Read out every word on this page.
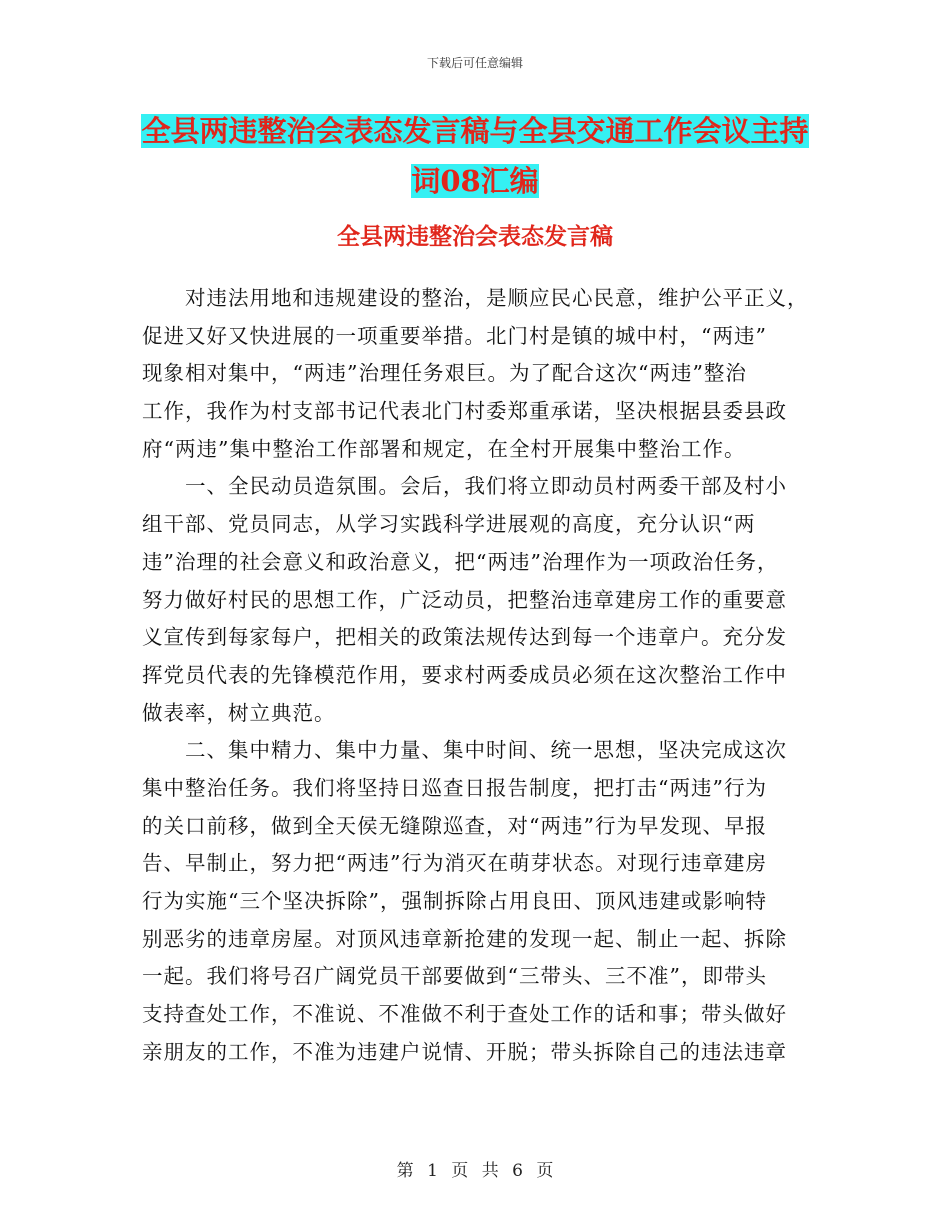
下载后可任意编辑
全县两违整治会表态发言稿与全县交通工作会议主持
词08汇编
全县两违整治会表态发言稿
　　对违法用地和违规建设的整治，是顺应民心民意，维护公平正义，
促进又好又快进展的一项重要举措。北门村是镇的城中村，“两违”
现象相对集中，“两违”治理任务艰巨。为了配合这次“两违”整治
工作，我作为村支部书记代表北门村委郑重承诺，坚决根据县委县政
府“两违”集中整治工作部署和规定，在全村开展集中整治工作。
　　一、全民动员造氛围。会后，我们将立即动员村两委干部及村小
组干部、党员同志，从学习实践科学进展观的高度，充分认识“两
违”治理的社会意义和政治意义，把“两违”治理作为一项政治任务，
努力做好村民的思想工作，广泛动员，把整治违章建房工作的重要意
义宣传到每家每户，把相关的政策法规传达到每一个违章户。充分发
挥党员代表的先锋模范作用，要求村两委成员必须在这次整治工作中
做表率，树立典范。
　　二、集中精力、集中力量、集中时间、统一思想，坚决完成这次
集中整治任务。我们将坚持日巡查日报告制度，把打击“两违”行为
的关口前移，做到全天侯无缝隙巡查，对“两违”行为早发现、早报
告、早制止，努力把“两违”行为消灭在萌芽状态。对现行违章建房
行为实施“三个坚决拆除”，强制拆除占用良田、顶风违建或影响特
别恶劣的违章房屋。对顶风违章新抢建的发现一起、制止一起、拆除
一起。我们将号召广阔党员干部要做到“三带头、三不准”，即带头
支持查处工作，不准说、不准做不利于查处工作的话和事；带头做好
亲朋友的工作，不准为违建户说情、开脱；带头拆除自己的违法违章
第 1 页 共 6 页
